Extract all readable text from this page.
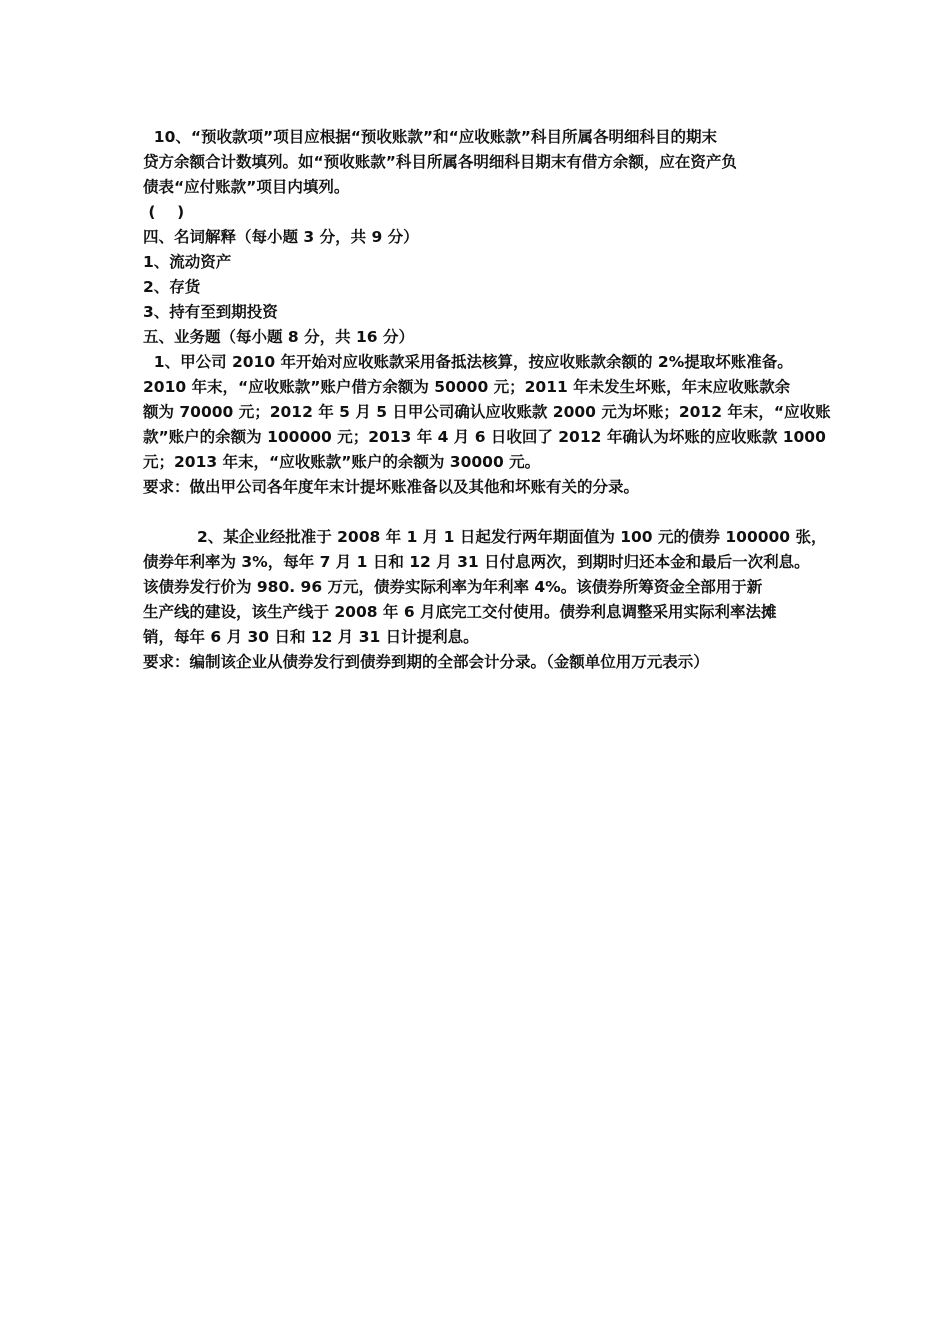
10、“预收款项”项目应根据“预收账款”和“应收账款”科目所属各明细科目的期末
贷方余额合计数填列。如“预收账款”科目所属各明细科目期末有借方余额，应在资产负
债表“应付账款”项目内填列。
(    )
四、名词解释（每小题 3 分，共 9 分）
1、流动资产
2、存货
3、持有至到期投资
五、业务题（每小题 8 分，共 16 分）
1、甲公司 2010 年开始对应收账款采用备抵法核算，按应收账款余额的 2%提取坏账准备。
2010 年末，“应收账款”账户借方余额为 50000 元；2011 年未发生坏账，年末应收账款余
额为 70000 元；2012 年 5 月 5 日甲公司确认应收账款 2000 元为坏账；2012 年末，“应收账
款”账户的余额为 100000 元；2013 年 4 月 6 日收回了 2012 年确认为坏账的应收账款 1000
元；2013 年末，“应收账款”账户的余额为 30000 元。
要求：做出甲公司各年度年末计提坏账准备以及其他和坏账有关的分录。
2、某企业经批准于 2008 年 1 月 1 日起发行两年期面值为 100 元的债券 100000 张，
债券年利率为 3%，每年 7 月 1 日和 12 月 31 日付息两次，到期时归还本金和最后一次利息。
该债券发行价为 980. 96 万元，债券实际利率为年利率 4%。该债券所筹资金全部用于新
生产线的建设，该生产线于 2008 年 6 月底完工交付使用。债券利息调整采用实际利率法摊
销，每年 6 月 30 日和 12 月 31 日计提利息。
要求：编制该企业从债券发行到债券到期的全部会计分录。（金额单位用万元表示）
